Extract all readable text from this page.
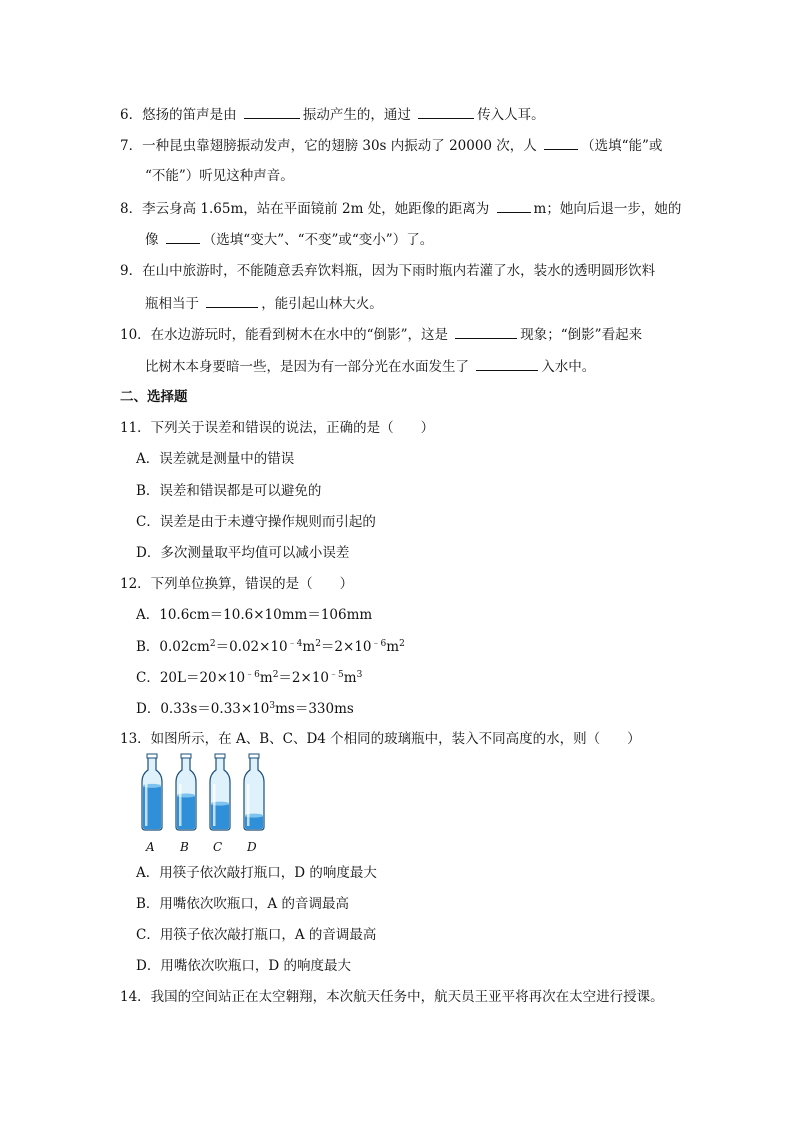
6．悠扬的笛声是由	振动产生的，通过	传入人耳。
7．一种昆虫靠翅膀振动发声，它的翅膀 30s 内振动了 20000 次，人	（选填“能”或
“不能”）听见这种声音。
8．李云身高 1.65m，站在平面镜前 2m 处，她距像的距离为	m；她向后退一步，她的
像	（选填“变大”、“不变”或“变小”）了。
9．在山中旅游时，不能随意丢弃饮料瓶，因为下雨时瓶内若灌了水，装水的透明圆形饮料
瓶相当于	，能引起山林大火。
10．在水边游玩时，能看到树木在水中的“倒影”，这是	现象；“倒影”看起来
比树木本身要暗一些，是因为有一部分光在水面发生了	入水中。
二、选择题
11．下列关于误差和错误的说法，正确的是（　　）
A．误差就是测量中的错误
B．误差和错误都是可以避免的
C．误差是由于未遵守操作规则而引起的
D．多次测量取平均值可以减小误差
12．下列单位换算，错误的是（　　）
A．10.6cm＝10.6×10mm＝106mm
B．$0.02cm^2=0.02\times 10^{﹣4}m^2=2\times 10^{﹣6}m^2$
C．$20L=20\times 10^{﹣6}m^2=2\times 10^{﹣5}m^3$
D．$0.33s=0.33\times 10^3ms=330ms$
13．如图所示，在 A、B、C、D4 个相同的玻璃瓶中，装入不同高度的水，则（　　）
A B C D
A．用筷子依次敲打瓶口，D 的响度最大
B．用嘴依次吹瓶口，A 的音调最高
C．用筷子依次敲打瓶口，A 的音调最高
D．用嘴依次吹瓶口，D 的响度最大
14．我国的空间站正在太空翱翔，本次航天任务中，航天员王亚平将再次在太空进行授课。
